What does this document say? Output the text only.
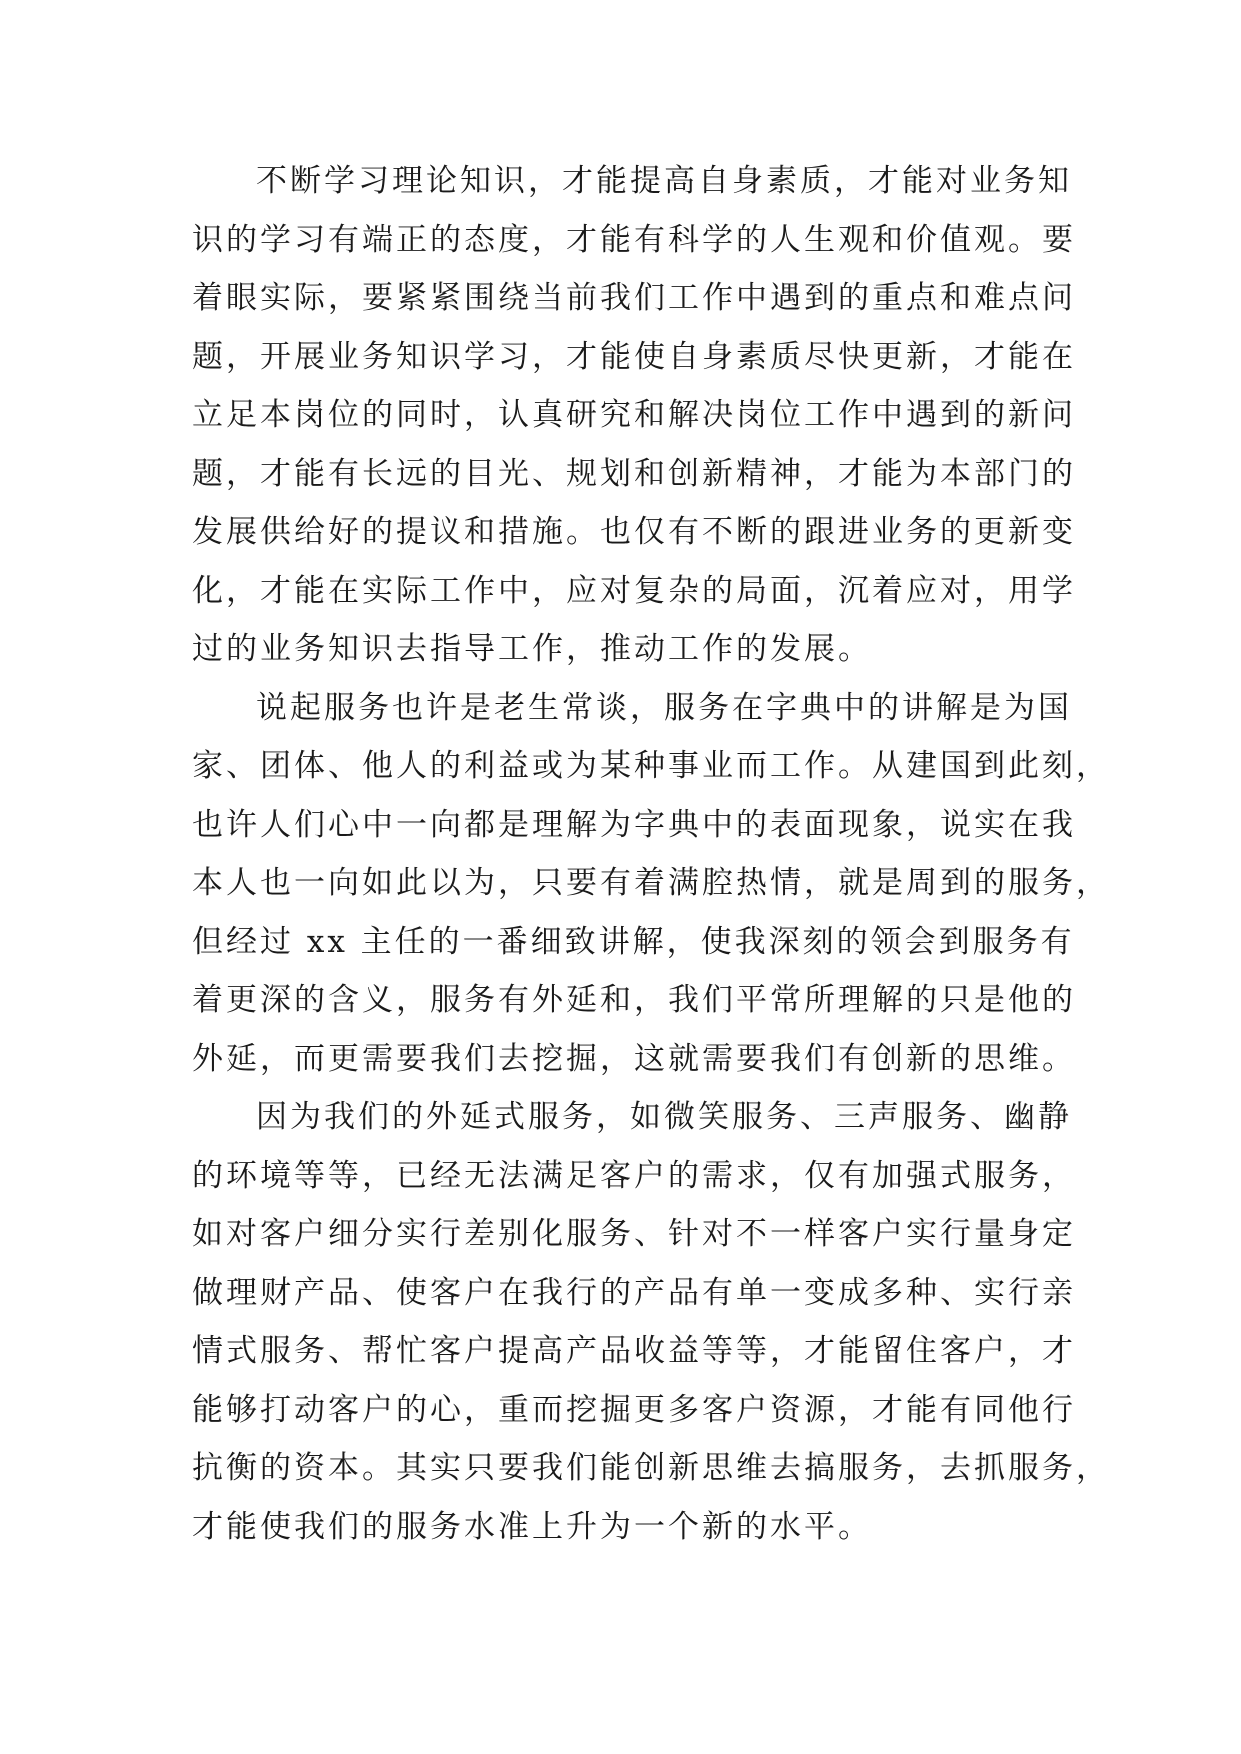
不断学习理论知识，才能提高自身素质，才能对业务知
识的学习有端正的态度，才能有科学的人生观和价值观。要
着眼实际，要紧紧围绕当前我们工作中遇到的重点和难点问
题，开展业务知识学习，才能使自身素质尽快更新，才能在
立足本岗位的同时，认真研究和解决岗位工作中遇到的新问
题，才能有长远的目光、规划和创新精神，才能为本部门的
发展供给好的提议和措施。也仅有不断的跟进业务的更新变
化，才能在实际工作中，应对复杂的局面，沉着应对，用学
过的业务知识去指导工作，推动工作的发展。
说起服务也许是老生常谈，服务在字典中的讲解是为国
家、团体、他人的利益或为某种事业而工作。从建国到此刻，
也许人们心中一向都是理解为字典中的表面现象，说实在我
本人也一向如此以为，只要有着满腔热情，就是周到的服务，
但经过 xx 主任的一番细致讲解，使我深刻的领会到服务有
着更深的含义，服务有外延和，我们平常所理解的只是他的
外延，而更需要我们去挖掘，这就需要我们有创新的思维。
因为我们的外延式服务，如微笑服务、三声服务、幽静
的环境等等，已经无法满足客户的需求，仅有加强式服务，
如对客户细分实行差别化服务、针对不一样客户实行量身定
做理财产品、使客户在我行的产品有单一变成多种、实行亲
情式服务、帮忙客户提高产品收益等等，才能留住客户，才
能够打动客户的心，重而挖掘更多客户资源，才能有同他行
抗衡的资本。其实只要我们能创新思维去搞服务，去抓服务，
才能使我们的服务水准上升为一个新的水平。
